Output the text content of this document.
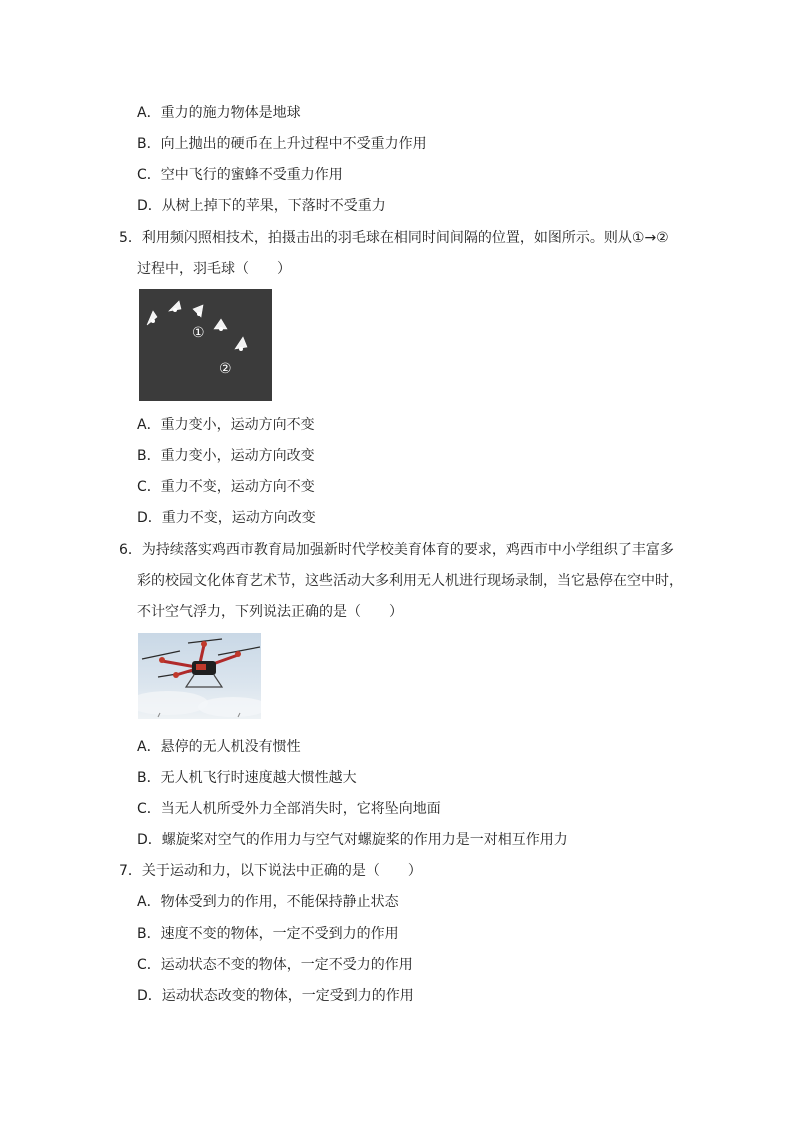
A．重力的施力物体是地球
B．向上抛出的硬币在上升过程中不受重力作用
C．空中飞行的蜜蜂不受重力作用
D．从树上掉下的苹果，下落时不受重力
5．利用频闪照相技术，拍摄击出的羽毛球在相同时间间隔的位置，如图所示。则从①→②
过程中，羽毛球（　　）
①
②
A．重力变小，运动方向不变
B．重力变小，运动方向改变
C．重力不变，运动方向不变
D．重力不变，运动方向改变
6．为持续落实鸡西市教育局加强新时代学校美育体育的要求，鸡西市中小学组织了丰富多
彩的校园文化体育艺术节，这些活动大多利用无人机进行现场录制，当它悬停在空中时，
不计空气浮力，下列说法正确的是（　　）
A．悬停的无人机没有惯性
B．无人机飞行时速度越大惯性越大
C．当无人机所受外力全部消失时，它将坠向地面
D．螺旋桨对空气的作用力与空气对螺旋桨的作用力是一对相互作用力
7．关于运动和力，以下说法中正确的是（　　）
A．物体受到力的作用，不能保持静止状态
B．速度不变的物体，一定不受到力的作用
C．运动状态不变的物体，一定不受力的作用
D．运动状态改变的物体，一定受到力的作用
